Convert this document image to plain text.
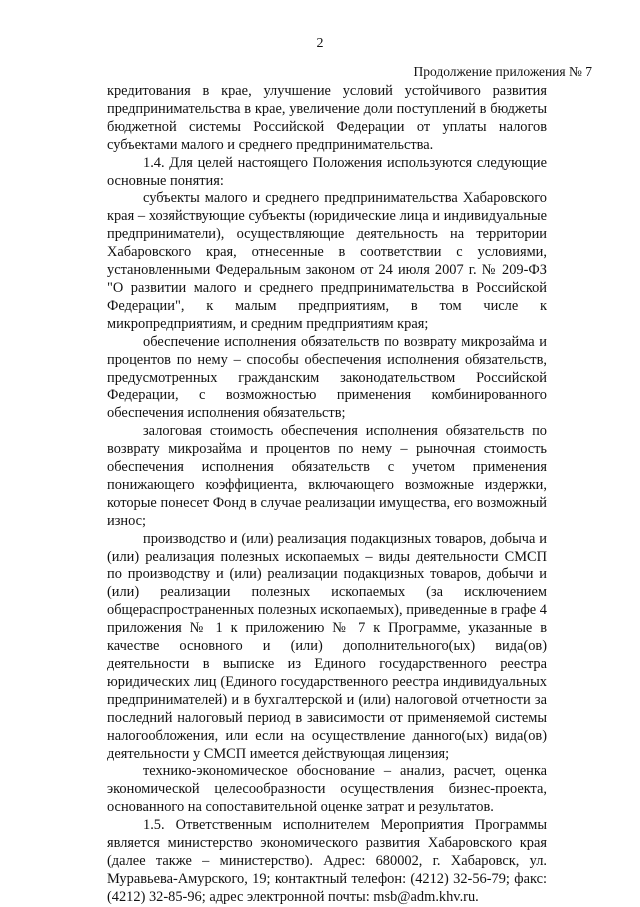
2
Продолжение приложения № 7

кредитования в крае, улучшение условий устойчивого развития предпринимательства в крае, увеличение доли поступлений в бюджеты бюджетной системы Российской Федерации от уплаты налогов субъектами малого и среднего предпринимательства.

1.4. Для целей настоящего Положения используются следующие основные понятия:

субъекты малого и среднего предпринимательства Хабаровского края – хозяйствующие субъекты (юридические лица и индивидуальные предприниматели), осуществляющие деятельность на территории Хабаровского края, отнесенные в соответствии с условиями, установленными Федеральным законом от 24 июля 2007 г. № 209-ФЗ "О развитии малого и среднего предпринимательства в Российской Федерации", к малым предприятиям, в том числе к микропредприятиям, и средним предприятиям края;

обеспечение исполнения обязательств по возврату микрозайма и процентов по нему – способы обеспечения исполнения обязательств, предусмотренных гражданским законодательством Российской Федерации, с возможностью применения комбинированного обеспечения исполнения обязательств;

залоговая стоимость обеспечения исполнения обязательств по возврату микрозайма и процентов по нему – рыночная стоимость обеспечения исполнения обязательств с учетом применения понижающего коэффициента, включающего возможные издержки, которые понесет Фонд в случае реализации имущества, его возможный износ;

производство и (или) реализация подакцизных товаров, добыча и (или) реализация полезных ископаемых – виды деятельности СМСП по производству и (или) реализации подакцизных товаров, добычи и (или) реализации полезных ископаемых (за исключением общераспространенных полезных ископаемых), приведенные в графе 4 приложения № 1 к приложению № 7 к Программе, указанные в качестве основного и (или) дополнительного(ых) вида(ов) деятельности в выписке из Единого государственного реестра юридических лиц (Единого государственного реестра индивидуальных предпринимателей) и в бухгалтерской и (или) налоговой отчетности за последний налоговый период в зависимости от применяемой системы налогообложения, или если на осуществление данного(ых) вида(ов) деятельности у СМСП имеется действующая лицензия;

технико-экономическое обоснование – анализ, расчет, оценка экономической целесообразности осуществления бизнес-проекта, основанного на сопоставительной оценке затрат и результатов.

1.5. Ответственным исполнителем Мероприятия Программы является министерство экономического развития Хабаровского края (далее также – министерство). Адрес: 680002, г. Хабаровск, ул. Муравьева-Амурского, 19; контактный телефон: (4212) 32-56-79; факс: (4212) 32-85-96; адрес электронной почты: msb@adm.khv.ru.
